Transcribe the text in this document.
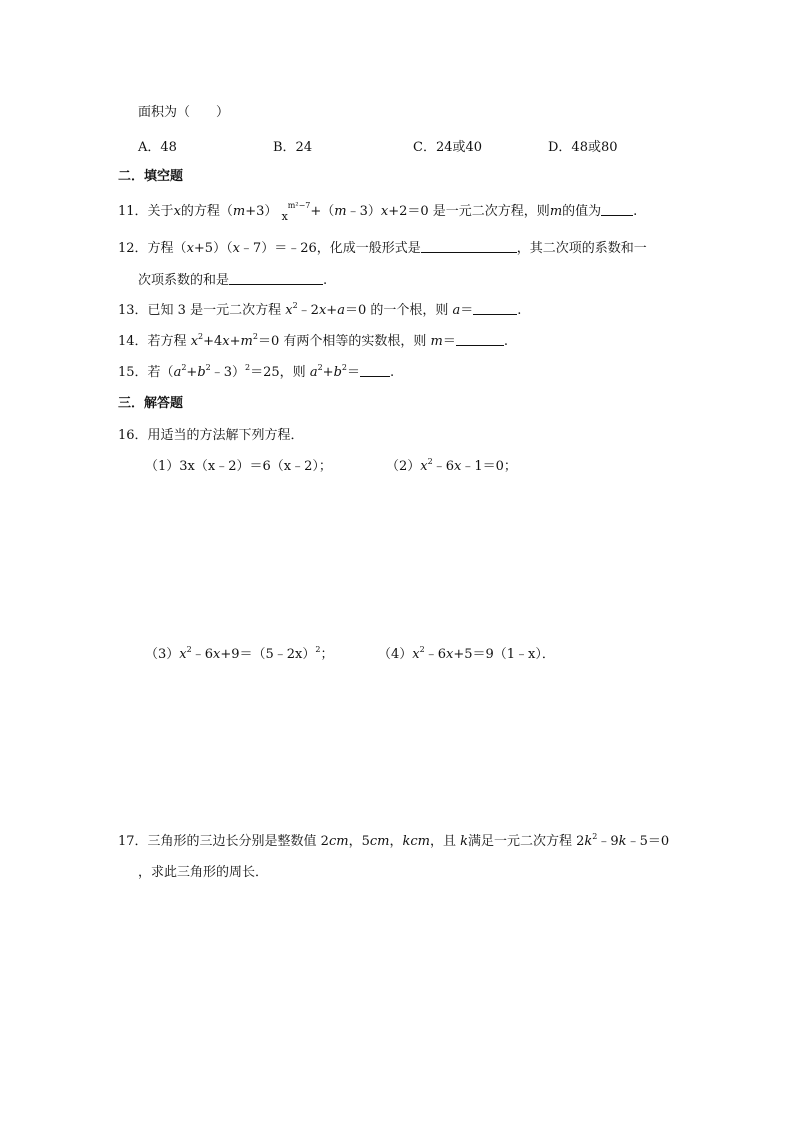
面积为（　　）
A．48	B．24	C．24或40	D．48或80
二．填空题
11．关于x的方程（m+3） $_x^{m^2-7}$+（m﹣3）x+2＝0 是一元二次方程，则m的值为 .
12．方程（x+5）（x﹣7）＝﹣26，化成一般形式是	，其二次项的系数和一
次项系数的和是	.
13．已知 3 是一元二次方程 $x^2﹣2x+a=0$ 的一个根，则 a＝	.
14．若方程 $x^2+4x+m^2=0$ 有两个相等的实数根，则 m＝	.
15．若$(a^2+b^2﹣3)^2=25$，则 $a^2+b^2=$ .
三．解答题
16．用适当的方法解下列方程．
（1）3x（x﹣2）＝6（x﹣2）；	$(2)x^2﹣6x﹣1=0$；
$(3)x^2﹣6x+9=(5﹣2x)^2$；	$(4)x^2﹣6x+5=9(1﹣x)$．
17．三角形的三边长分别是整数值 2cm，5cm，kcm，且 k满足一元二次方程 $2k^2﹣9k﹣5=0$
，求此三角形的周长．
